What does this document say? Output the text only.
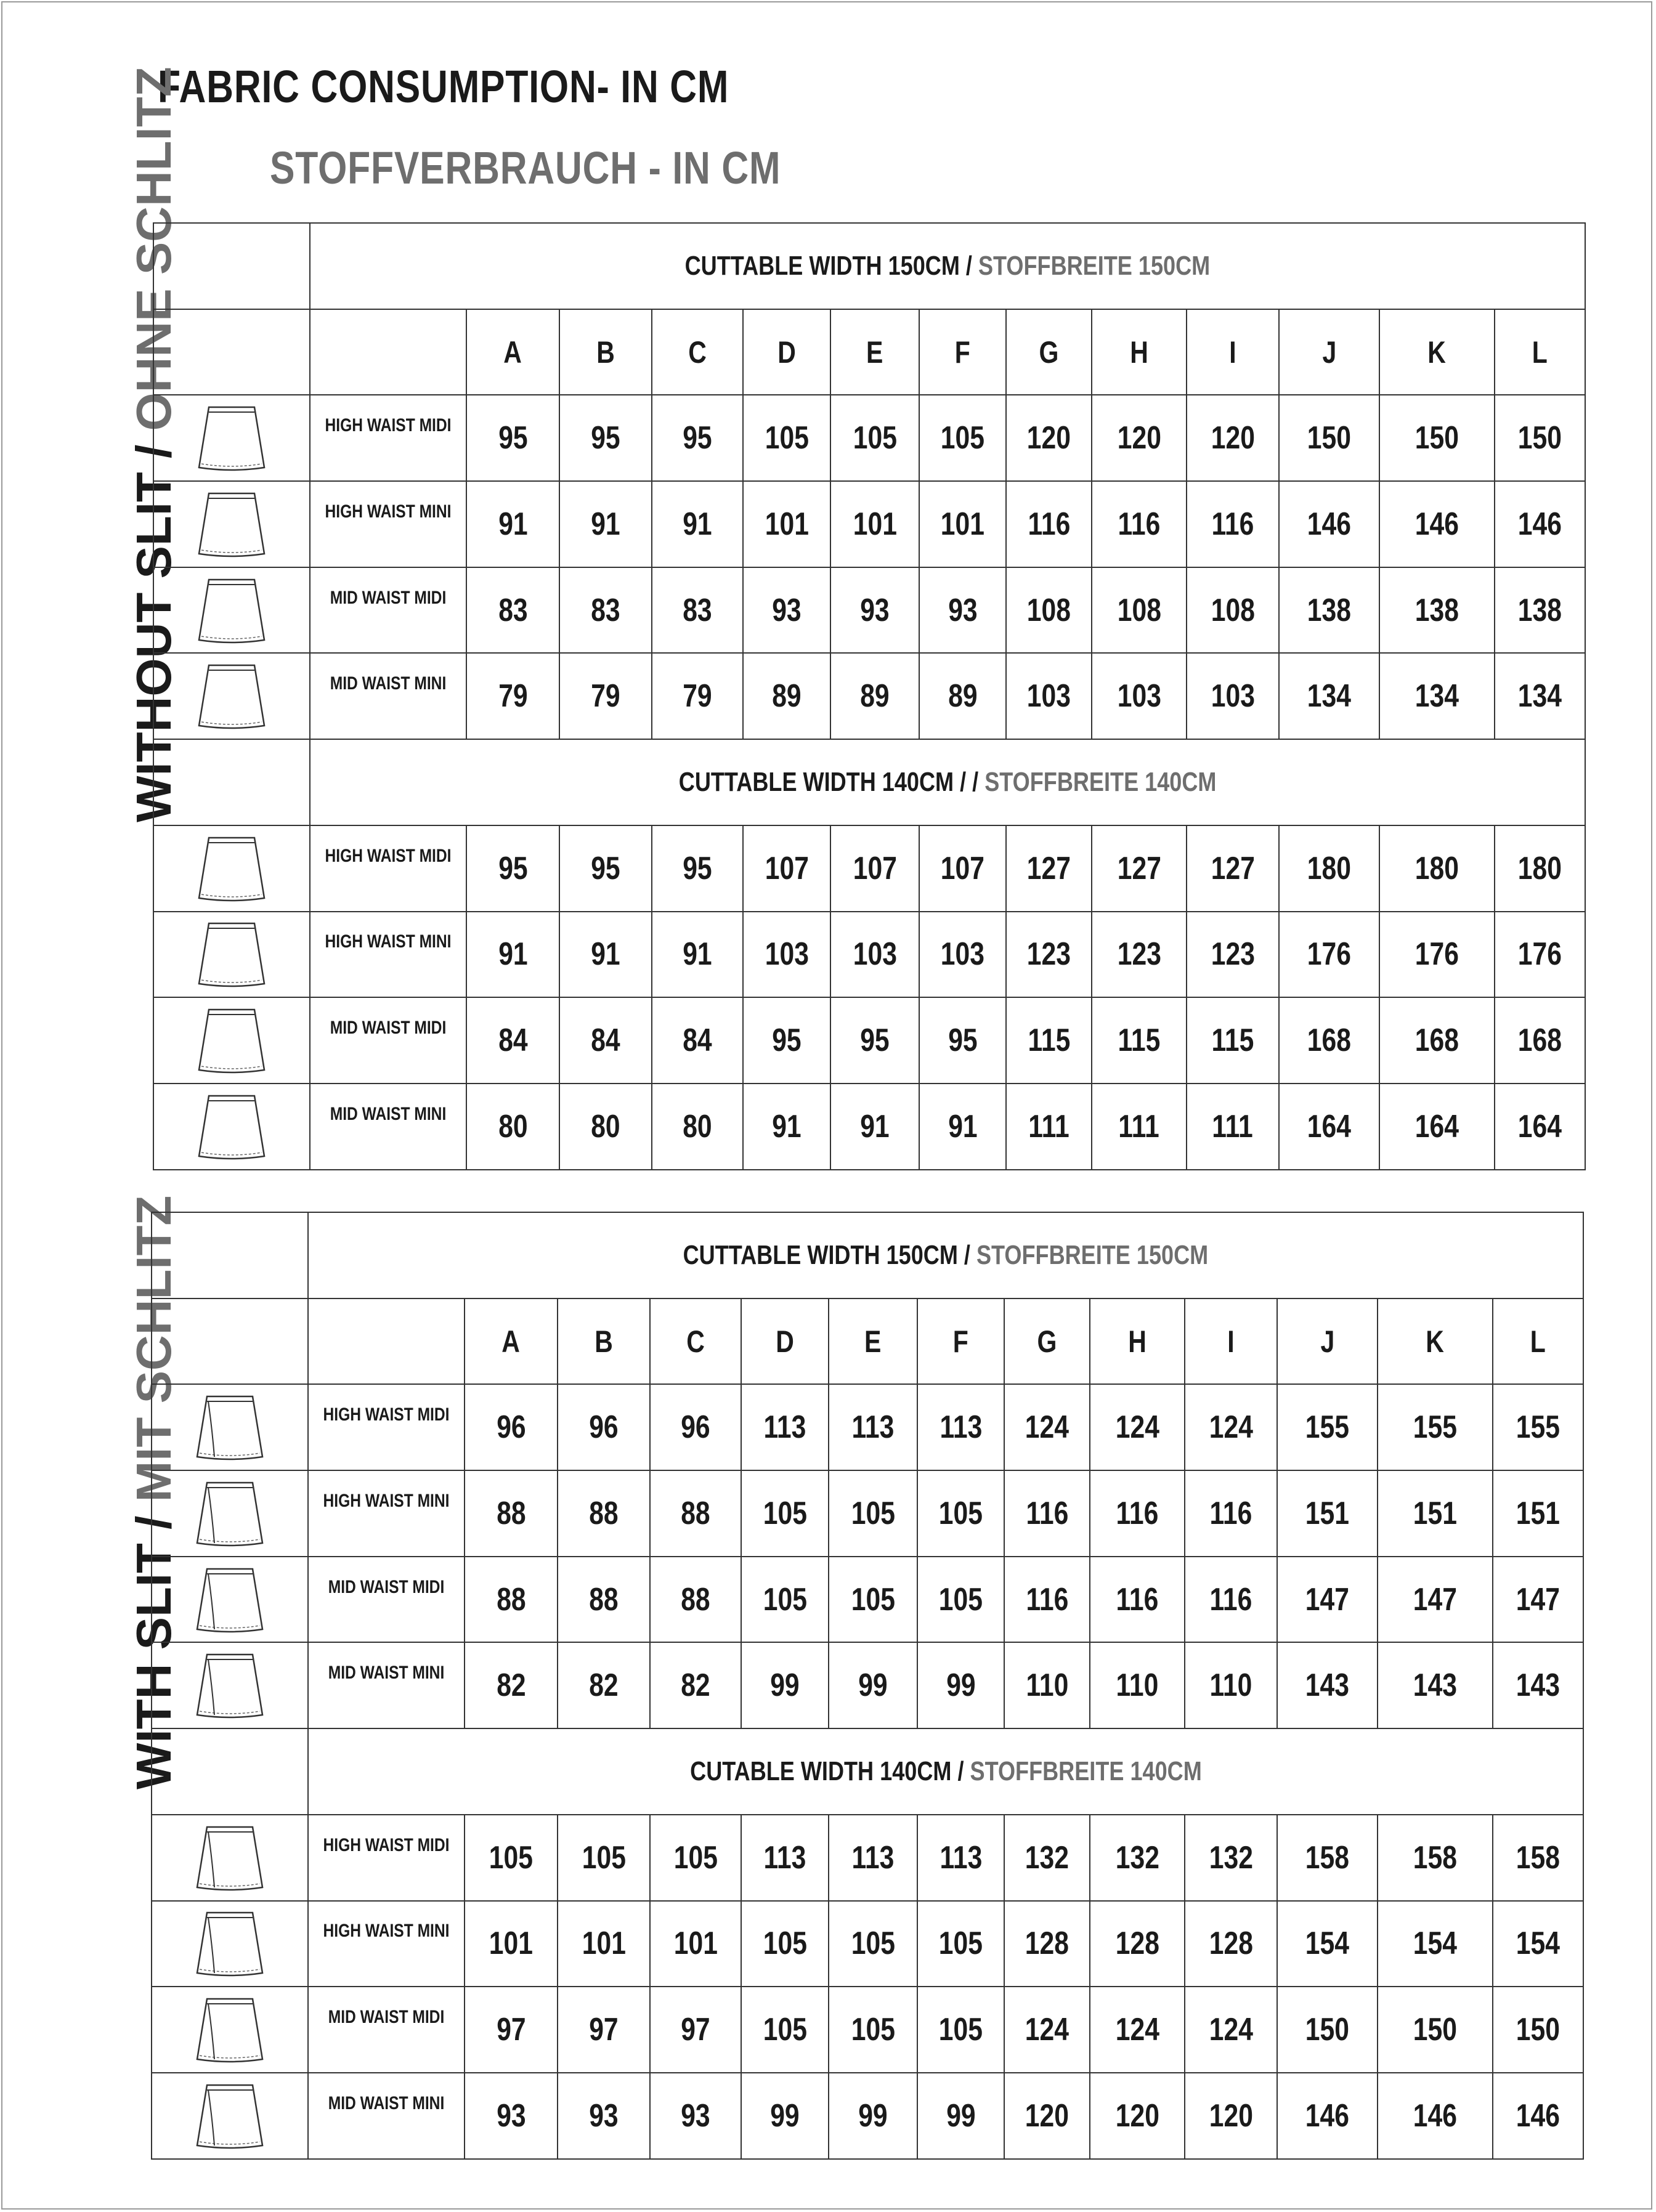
FABRIC CONSUMPTION- IN CM
STOFFVERBRAUCH - IN CM
WITHOUT SLIT / OHNE SCHLITZ
WITH SLIT / MIT SCHLITZ
	CUTTABLE WIDTH 150CM / STOFFBREITE 150CM												
		A	B	C	D	E	F	G	H	I	J	K	L

	HIGH WAIST MIDI	95	95	95	105	105	105	120	120	120	150	150	150

	HIGH WAIST MINI	91	91	91	101	101	101	116	116	116	146	146	146

	MID WAIST MIDI	83	83	83	93	93	93	108	108	108	138	138	138

	MID WAIST MINI	79	79	79	89	89	89	103	103	103	134	134	134
	CUTTABLE WIDTH 140CM / / STOFFBREITE 140CM												

	HIGH WAIST MIDI	95	95	95	107	107	107	127	127	127	180	180	180

	HIGH WAIST MINI	91	91	91	103	103	103	123	123	123	176	176	176

	MID WAIST MIDI	84	84	84	95	95	95	115	115	115	168	168	168

	MID WAIST MINI	80	80	80	91	91	91	111	111	111	164	164	164
	CUTTABLE WIDTH 150CM / STOFFBREITE 150CM												
		A	B	C	D	E	F	G	H	I	J	K	L

	HIGH WAIST MIDI	96	96	96	113	113	113	124	124	124	155	155	155

	HIGH WAIST MINI	88	88	88	105	105	105	116	116	116	151	151	151

	MID WAIST MIDI	88	88	88	105	105	105	116	116	116	147	147	147

	MID WAIST MINI	82	82	82	99	99	99	110	110	110	143	143	143
	CUTABLE WIDTH 140CM / STOFFBREITE 140CM												

	HIGH WAIST MIDI	105	105	105	113	113	113	132	132	132	158	158	158

	HIGH WAIST MINI	101	101	101	105	105	105	128	128	128	154	154	154

	MID WAIST MIDI	97	97	97	105	105	105	124	124	124	150	150	150

	MID WAIST MINI	93	93	93	99	99	99	120	120	120	146	146	146
